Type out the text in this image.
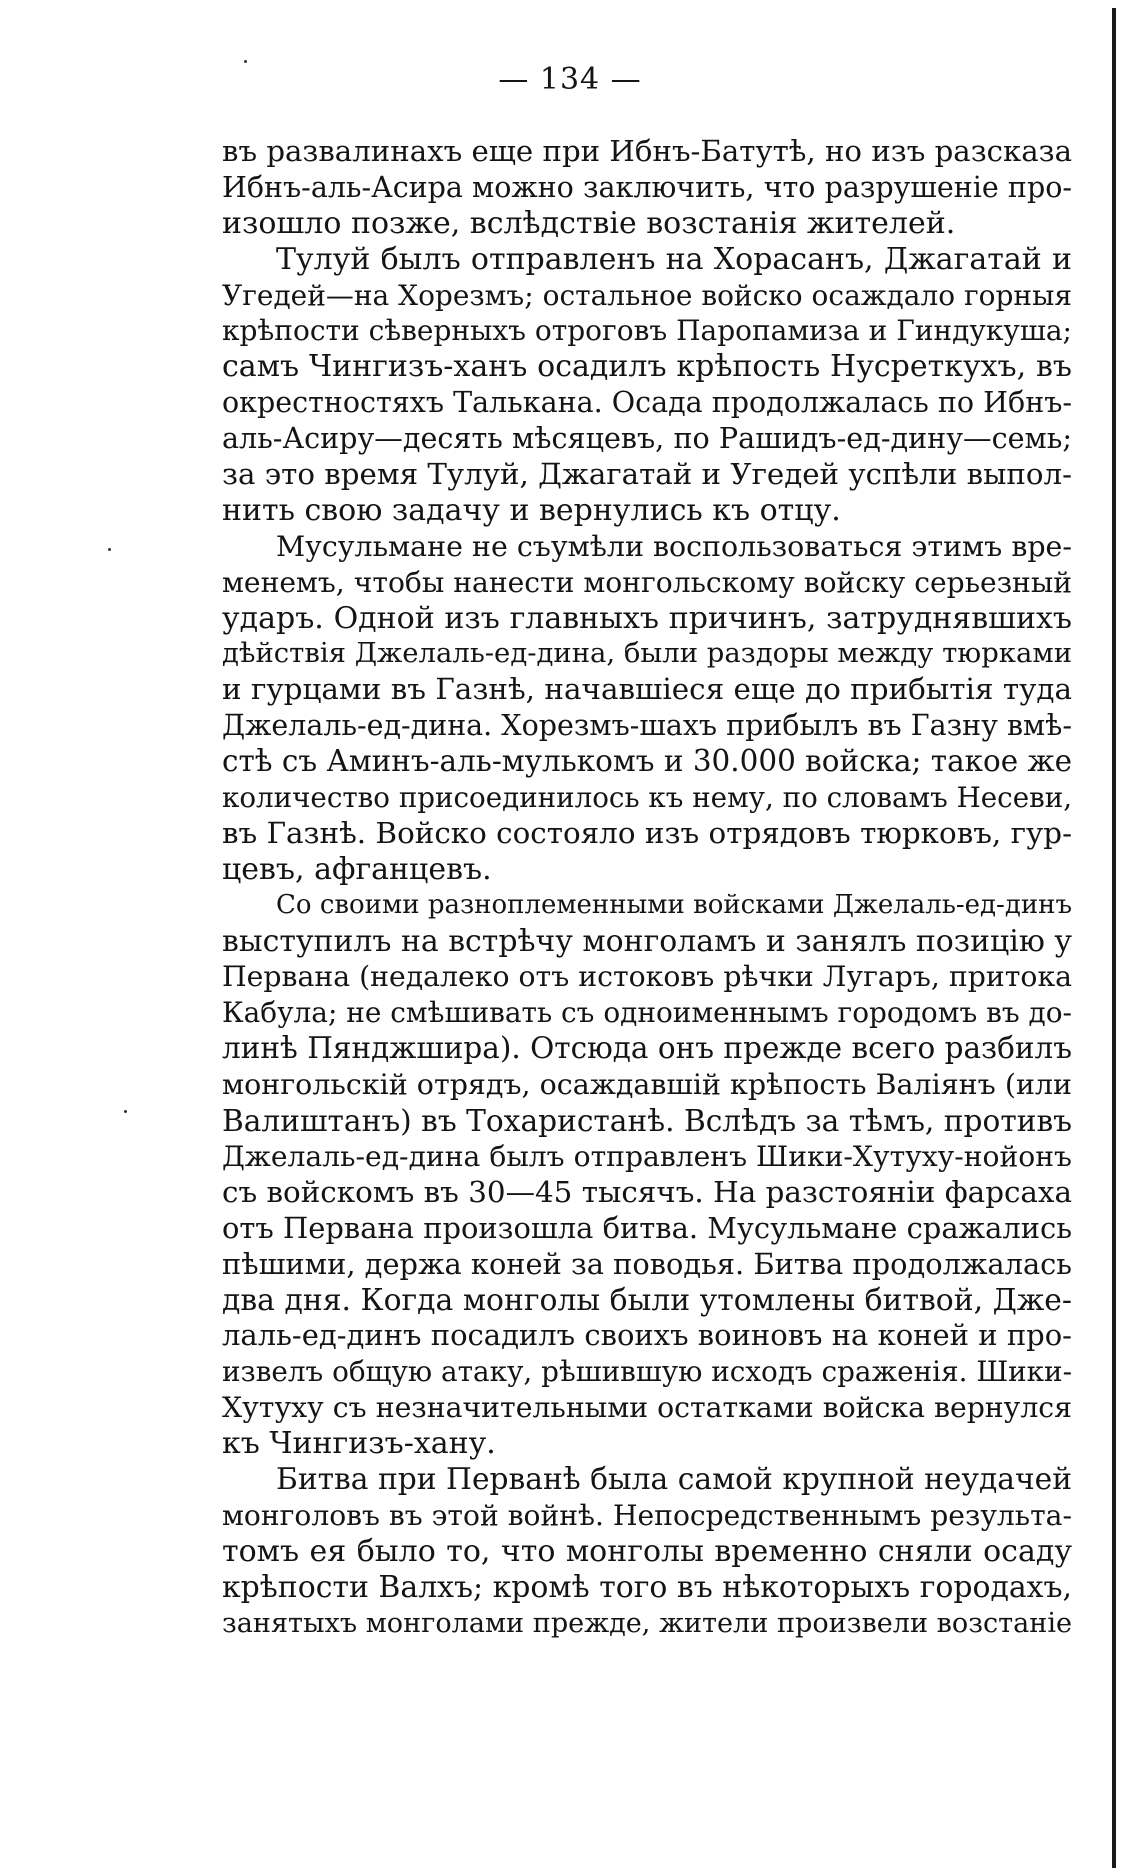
— 134 —
въ развалинахъ еще при Ибнъ-Батутѣ, но изъ разсказа
Ибнъ-аль-Асира можно заключить, что разрушеніе про-
изошло позже, вслѣдствіе возстанія жителей.
Тулуй былъ отправленъ на Хорасанъ, Джагатай и
Угедей—на Хорезмъ; остальное войско осаждало горныя
крѣпости сѣверныхъ отроговъ Паропамиза и Гиндукуша;
самъ Чингизъ-ханъ осадилъ крѣпость Нусреткухъ, въ
окрестностяхъ Талькана. Осада продолжалась по Ибнъ-
аль-Асиру—десять мѣсяцевъ, по Рашидъ-ед-дину—семь;
за это время Тулуй, Джагатай и Угедей успѣли выпол-
нить свою задачу и вернулись къ отцу.
Мусульмане не съумѣли воспользоваться этимъ вре-
менемъ, чтобы нанести монгольскому войску серьезный
ударъ. Одной изъ главныхъ причинъ, затруднявшихъ
дѣйствія Джелаль-ед-дина, были раздоры между тюрками
и гурцами въ Газнѣ, начавшіеся еще до прибытія туда
Джелаль-ед-дина. Хорезмъ-шахъ прибылъ въ Газну вмѣ-
стѣ съ Аминъ-аль-мулькомъ и 30.000 войска; такое же
количество присоединилось къ нему, по словамъ Несеви,
въ Газнѣ. Войско состояло изъ отрядовъ тюрковъ, гур-
цевъ, афганцевъ.
Со своими разноплеменными войсками Джелаль-ед-динъ
выступилъ на встрѣчу монголамъ и занялъ позицію у
Первана (недалеко отъ истоковъ рѣчки Лугаръ, притока
Кабула; не смѣшивать съ одноименнымъ городомъ въ до-
линѣ Пянджшира). Отсюда онъ прежде всего разбилъ
монгольскій отрядъ, осаждавшій крѣпость Валіянъ (или
Валиштанъ) въ Тохаристанѣ. Вслѣдъ за тѣмъ, противъ
Джелаль-ед-дина былъ отправленъ Шики-Хутуху-нойонъ
съ войскомъ въ 30—45 тысячъ. На разстояніи фарсаха
отъ Первана произошла битва. Мусульмане сражались
пѣшими, держа коней за поводья. Битва продолжалась
два дня. Когда монголы были утомлены битвой, Дже-
лаль-ед-динъ посадилъ своихъ воиновъ на коней и про-
извелъ общую атаку, рѣшившую исходъ сраженія. Шики-
Хутуху съ незначительными остатками войска вернулся
къ Чингизъ-хану.
Битва при Перванѣ была самой крупной неудачей
монголовъ въ этой войнѣ. Непосредственнымъ результа-
томъ ея было то, что монголы временно сняли осаду
крѣпости Валхъ; кромѣ того въ нѣкоторыхъ городахъ,
занятыхъ монголами прежде, жители произвели возстаніе
